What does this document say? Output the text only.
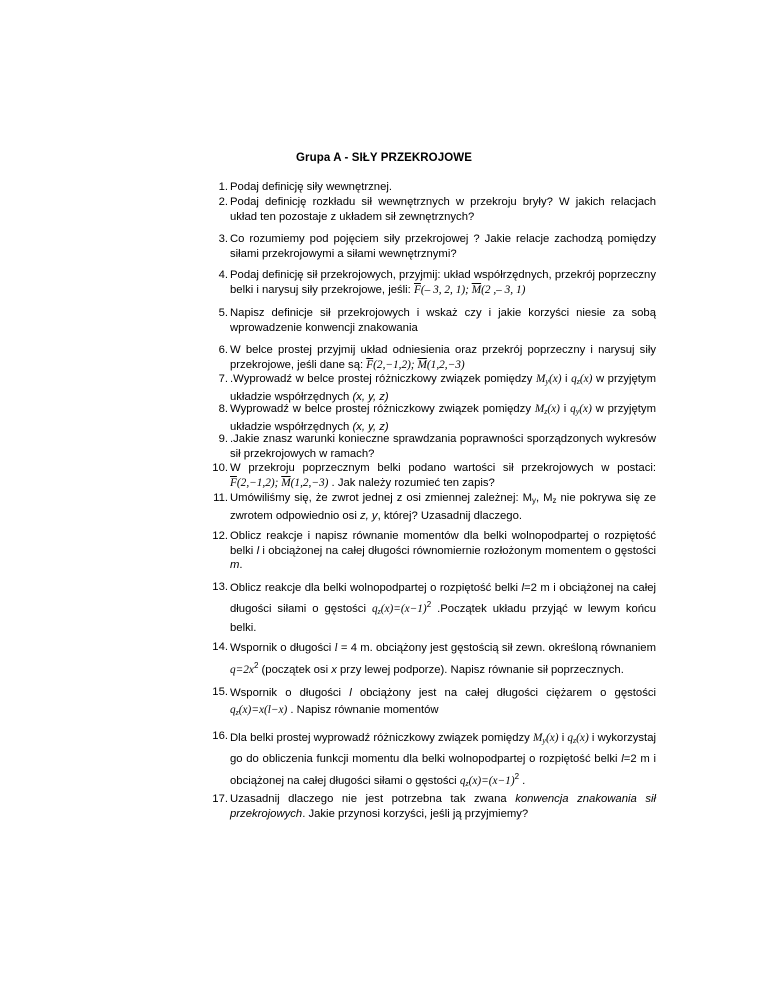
Grupa A - SIŁY PRZEKROJOWE
1. Podaj definicję siły wewnętrznej.
2. Podaj definicję rozkładu sił wewnętrznych w przekroju bryły? W jakich relacjach układ ten pozostaje z układem sił zewnętrznych?
3. Co rozumiemy pod pojęciem siły przekrojowej ? Jakie relacje zachodzą pomiędzy siłami przekrojowymi a siłami wewnętrznymi?
4. Podaj definicję sił przekrojowych, przyjmij: układ współrzędnych, przekrój poprzeczny belki i narysuj siły przekrojowe, jeśli: $\overline{F}(-$ 3, 2, 1); $\overline{M}(2$ ,– 3, 1)
5. Napisz definicje sił przekrojowych i wskaż czy i jakie korzyści niesie za sobą wprowadzenie konwencji znakowania
6. W belce prostej przyjmij układ odniesienia oraz przekrój poprzeczny i narysuj siły przekrojowe, jeśli dane są: $\overline{F}(2,-1,2)$; $\overline{M}(1,2,-3)$
7. .Wyprowadź w belce prostej różniczkowy związek pomiędzy $M_y(x)$ i $q_z(x)$ w przyjętym układzie współrzędnych (x, y, z)
8. Wyprowadź w belce prostej różniczkowy związek pomiędzy $M_z(x)$ i $q_y(x)$ w przyjętym układzie współrzędnych (x, y, z)
9. .Jakie znasz warunki konieczne sprawdzania poprawności sporządzonych wykresów sił przekrojowych w ramach?
10. W przekroju poprzecznym belki podano wartości sił przekrojowych w postaci: $\overline{F}(2,-1,2)$; $\overline{M}(1,2,-3)$ . Jak należy rozumieć ten zapis?
11. Umówiliśmy się, że zwrot jednej z osi zmiennej zależnej: $M_y$, $M_z$ nie pokrywa się ze zwrotem odpowiednio osi z, y, której? Uzasadnij dlaczego.
12. Oblicz reakcje i napisz równanie momentów dla belki wolnopodpartej o rozpiętość belki l i obciążonej na całej długości równomiernie rozłożonym momentem o gęstości m.
13. Oblicz reakcje dla belki wolnopodpartej o rozpiętość belki l=2 m i obciążonej na całej długości siłami o gęstości $q_z(x)=(x-1)^2$ .Początek układu przyjąć w lewym końcu belki.
14. Wspornik o długości l = 4 m. obciążony jest gęstością sił zewn. określoną równaniem $q=2x^2$ (początek osi x przy lewej podporze). Napisz równanie sił poprzecznych.
15. Wspornik o długości l obciążony jest na całej długości ciężarem o gęstości $q_z(x)=x(l-x)$ . Napisz równanie momentów
16. Dla belki prostej wyprowadź różniczkowy związek pomiędzy $M_y(x)$ i $q_z(x)$ i wykorzystaj go do obliczenia funkcji momentu dla belki wolnopodpartej o rozpiętość belki l=2 m i obciążonej na całej długości siłami o gęstości $q_z(x)=(x-1)^2$ .
17. Uzasadnij dlaczego nie jest potrzebna tak zwana konwencja znakowania sił przekrojowych. Jakie przynosi korzyści, jeśli ją przyjmiemy?
